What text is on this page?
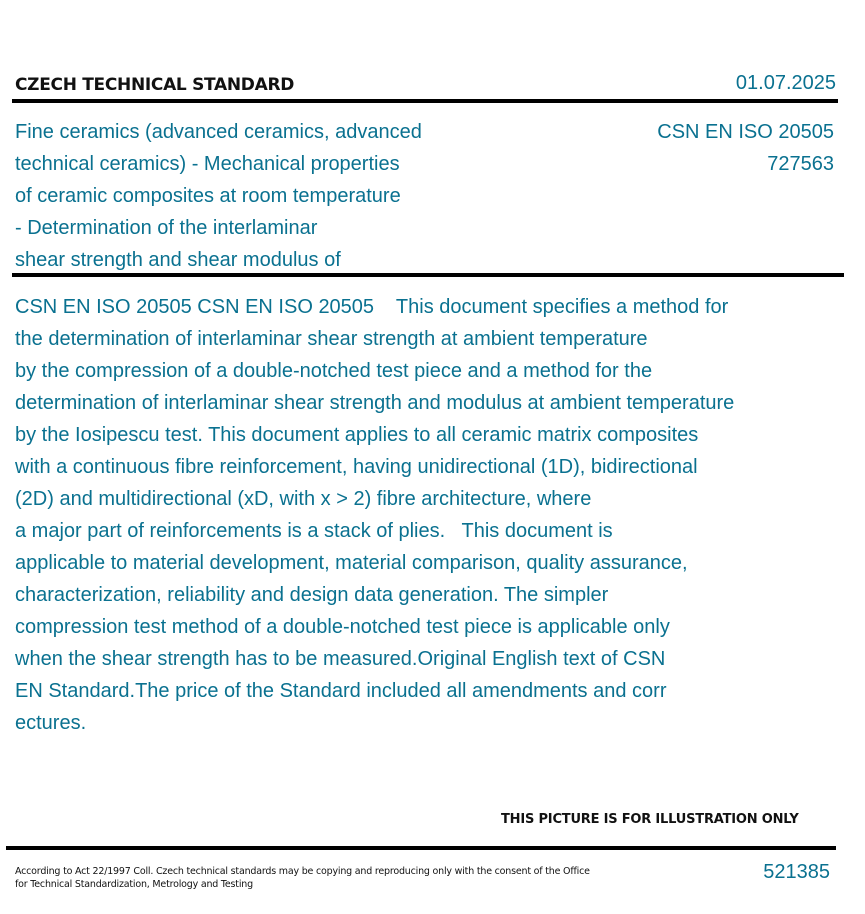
CZECH TECHNICAL STANDARD	01.07.2025
Fine ceramics (advanced ceramics, advanced
technical ceramics) - Mechanical properties
of ceramic composites at room temperature
- Determination of the interlaminar
shear strength and shear modulus of
CSN EN ISO 20505
727563
CSN EN ISO 20505 CSN EN ISO 20505    This document specifies a method for
the determination of interlaminar shear strength at ambient temperature
by the compression of a double-notched test piece and a method for the
determination of interlaminar shear strength and modulus at ambient temperature
by the Iosipescu test. This document applies to all ceramic matrix composites
with a continuous fibre reinforcement, having unidirectional (1D), bidirectional
(2D) and multidirectional (xD, with x > 2) fibre architecture, where
a major part of reinforcements is a stack of plies.   This document is
applicable to material development, material comparison, quality assurance,
characterization, reliability and design data generation. The simpler
compression test method of a double-notched test piece is applicable only
when the shear strength has to be measured.Original English text of CSN
EN Standard.The price of the Standard included all amendments and corr
ectures.
THIS PICTURE IS FOR ILLUSTRATION ONLY
According to Act 22/1997 Coll. Czech technical standards may be copying and reproducing only with the consent of the Office
for Technical Standardization, Metrology and Testing
521385
